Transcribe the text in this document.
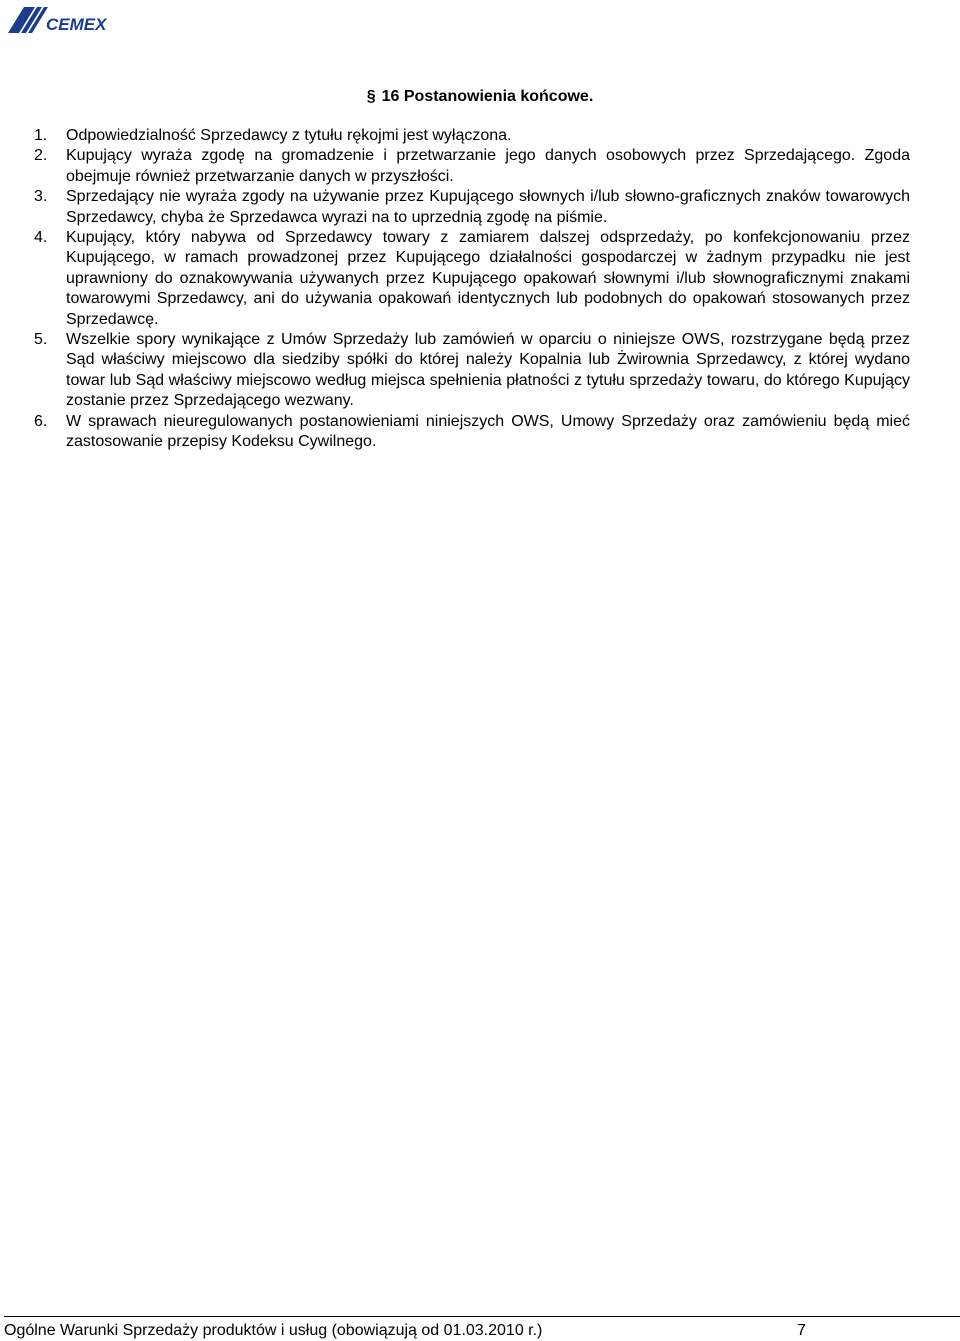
CEMEX
§ 16 Postanowienia końcowe.
1. Odpowiedzialność Sprzedawcy z tytułu rękojmi jest wyłączona.
2. Kupujący wyraża zgodę na gromadzenie i przetwarzanie jego danych osobowych przez Sprzedającego. Zgoda obejmuje również przetwarzanie danych w przyszłości.
3. Sprzedający nie wyraża zgody na używanie przez Kupującego słownych i/lub słowno-graficznych znaków towarowych Sprzedawcy, chyba że Sprzedawca wyrazi na to uprzednią zgodę na piśmie.
4. Kupujący, który nabywa od Sprzedawcy towary z zamiarem dalszej odsprzedaży, po konfekcjonowaniu przez Kupującego, w ramach prowadzonej przez Kupującego działalności gospodarczej w żadnym przypadku nie jest uprawniony do oznakowywania używanych przez Kupującego opakowań słownymi i/lub słownograficznymi znakami towarowymi Sprzedawcy, ani do używania opakowań identycznych lub podobnych do opakowań stosowanych przez Sprzedawcę.
5. Wszelkie spory wynikające z Umów Sprzedaży lub zamówień w oparciu o niniejsze OWS, rozstrzygane będą przez Sąd właściwy miejscowo dla siedziby spółki do której należy Kopalnia lub Żwirownia Sprzedawcy, z której wydano towar lub Sąd właściwy miejscowo według miejsca spełnienia płatności z tytułu sprzedaży towaru, do którego Kupujący zostanie przez Sprzedającego wezwany.
6. W sprawach nieuregulowanych postanowieniami niniejszych OWS, Umowy Sprzedaży oraz zamówieniu będą mieć zastosowanie przepisy Kodeksu Cywilnego.
Ogólne Warunki Sprzedaży produktów i usług (obowiązują od 01.03.2010 r.)	7
